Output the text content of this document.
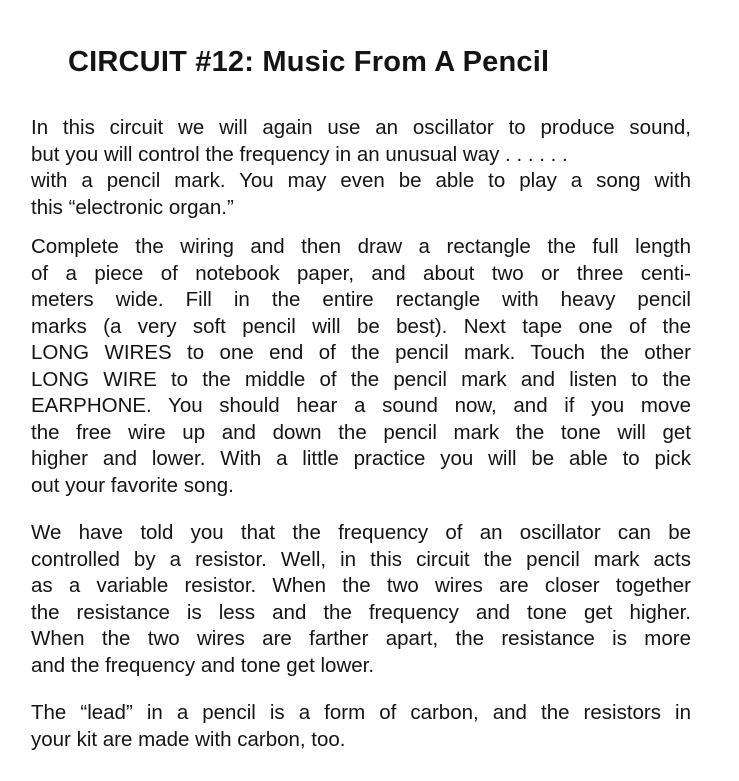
CIRCUIT #12: Music From A Pencil

In this circuit we will again use an oscillator to produce sound,
but you will control the frequency in an unusual way . . . . . .
with a pencil mark. You may even be able to play a song with
this “electronic organ.”

Complete the wiring and then draw a rectangle the full length
of a piece of notebook paper, and about two or three centi-
meters wide. Fill in the entire rectangle with heavy pencil
marks (a very soft pencil will be best). Next tape one of the
LONG WIRES to one end of the pencil mark. Touch the other
LONG WIRE to the middle of the pencil mark and listen to the
EARPHONE. You should hear a sound now, and if you move
the free wire up and down the pencil mark the tone will get
higher and lower. With a little practice you will be able to pick
out your favorite song.

We have told you that the frequency of an oscillator can be
controlled by a resistor. Well, in this circuit the pencil mark acts
as a variable resistor. When the two wires are closer together
the resistance is less and the frequency and tone get higher.
When the two wires are farther apart, the resistance is more
and the frequency and tone get lower.

The “lead” in a pencil is a form of carbon, and the resistors in
your kit are made with carbon, too.
